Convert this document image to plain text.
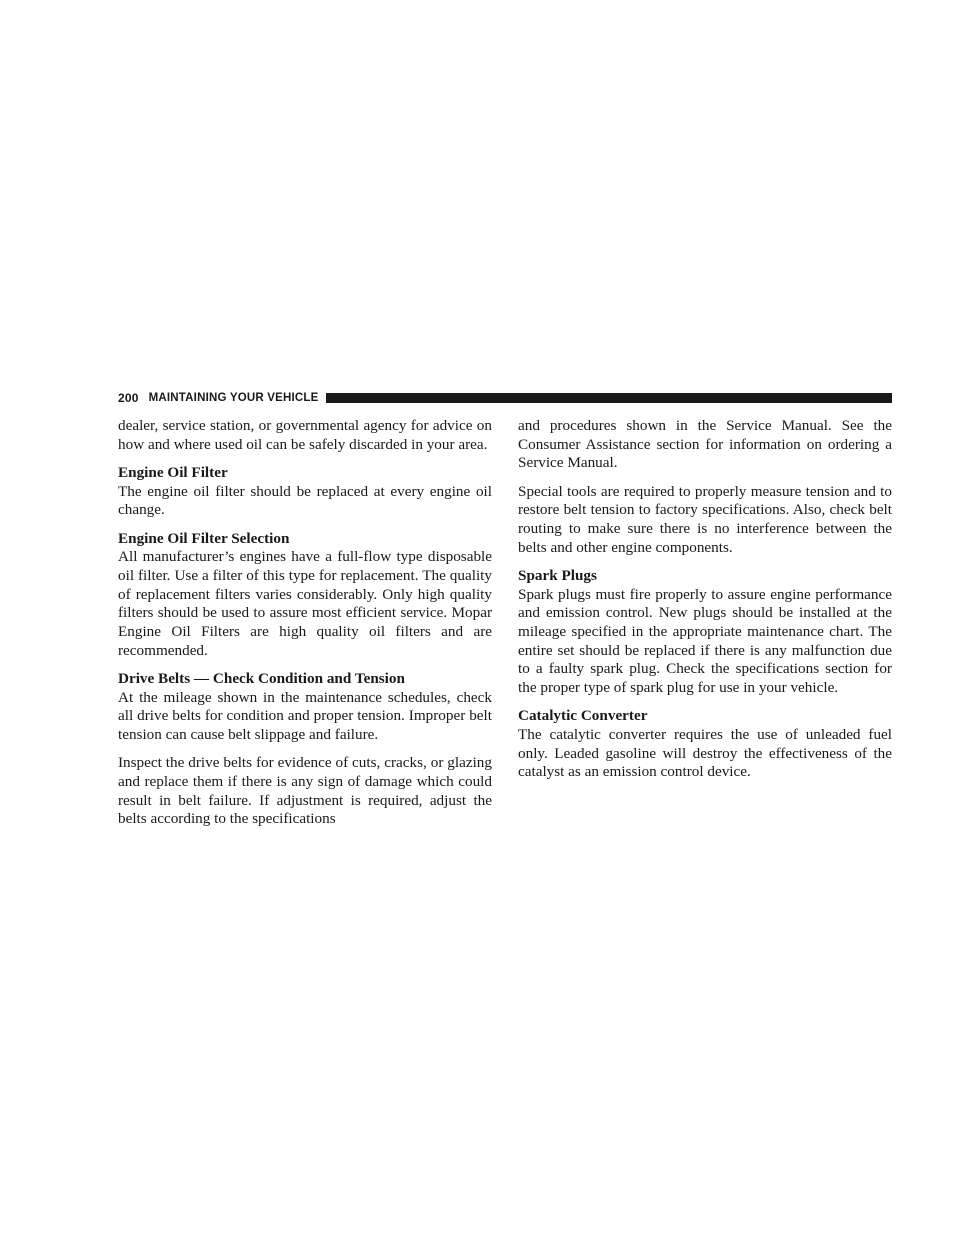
200 MAINTAINING YOUR VEHICLE

dealer, service station, or governmental agency for advice on how and where used oil can be safely discarded in your area.

Engine Oil Filter

The engine oil filter should be replaced at every engine oil change.

Engine Oil Filter Selection

All manufacturer’s engines have a full-flow type disposable oil filter. Use a filter of this type for replacement. The quality of replacement filters varies considerably. Only high quality filters should be used to assure most efficient service. Mopar Engine Oil Filters are high quality oil filters and are recommended.

Drive Belts — Check Condition and Tension

At the mileage shown in the maintenance schedules, check all drive belts for condition and proper tension. Improper belt tension can cause belt slippage and failure.

Inspect the drive belts for evidence of cuts, cracks, or glazing and replace them if there is any sign of damage which could result in belt failure. If adjustment is required, adjust the belts according to the specifications

and procedures shown in the Service Manual. See the Consumer Assistance section for information on ordering a Service Manual.

Special tools are required to properly measure tension and to restore belt tension to factory specifications. Also, check belt routing to make sure there is no interference between the belts and other engine components.

Spark Plugs

Spark plugs must fire properly to assure engine performance and emission control. New plugs should be installed at the mileage specified in the appropriate maintenance chart. The entire set should be replaced if there is any malfunction due to a faulty spark plug. Check the specifications section for the proper type of spark plug for use in your vehicle.

Catalytic Converter

The catalytic converter requires the use of unleaded fuel only. Leaded gasoline will destroy the effectiveness of the catalyst as an emission control device.
